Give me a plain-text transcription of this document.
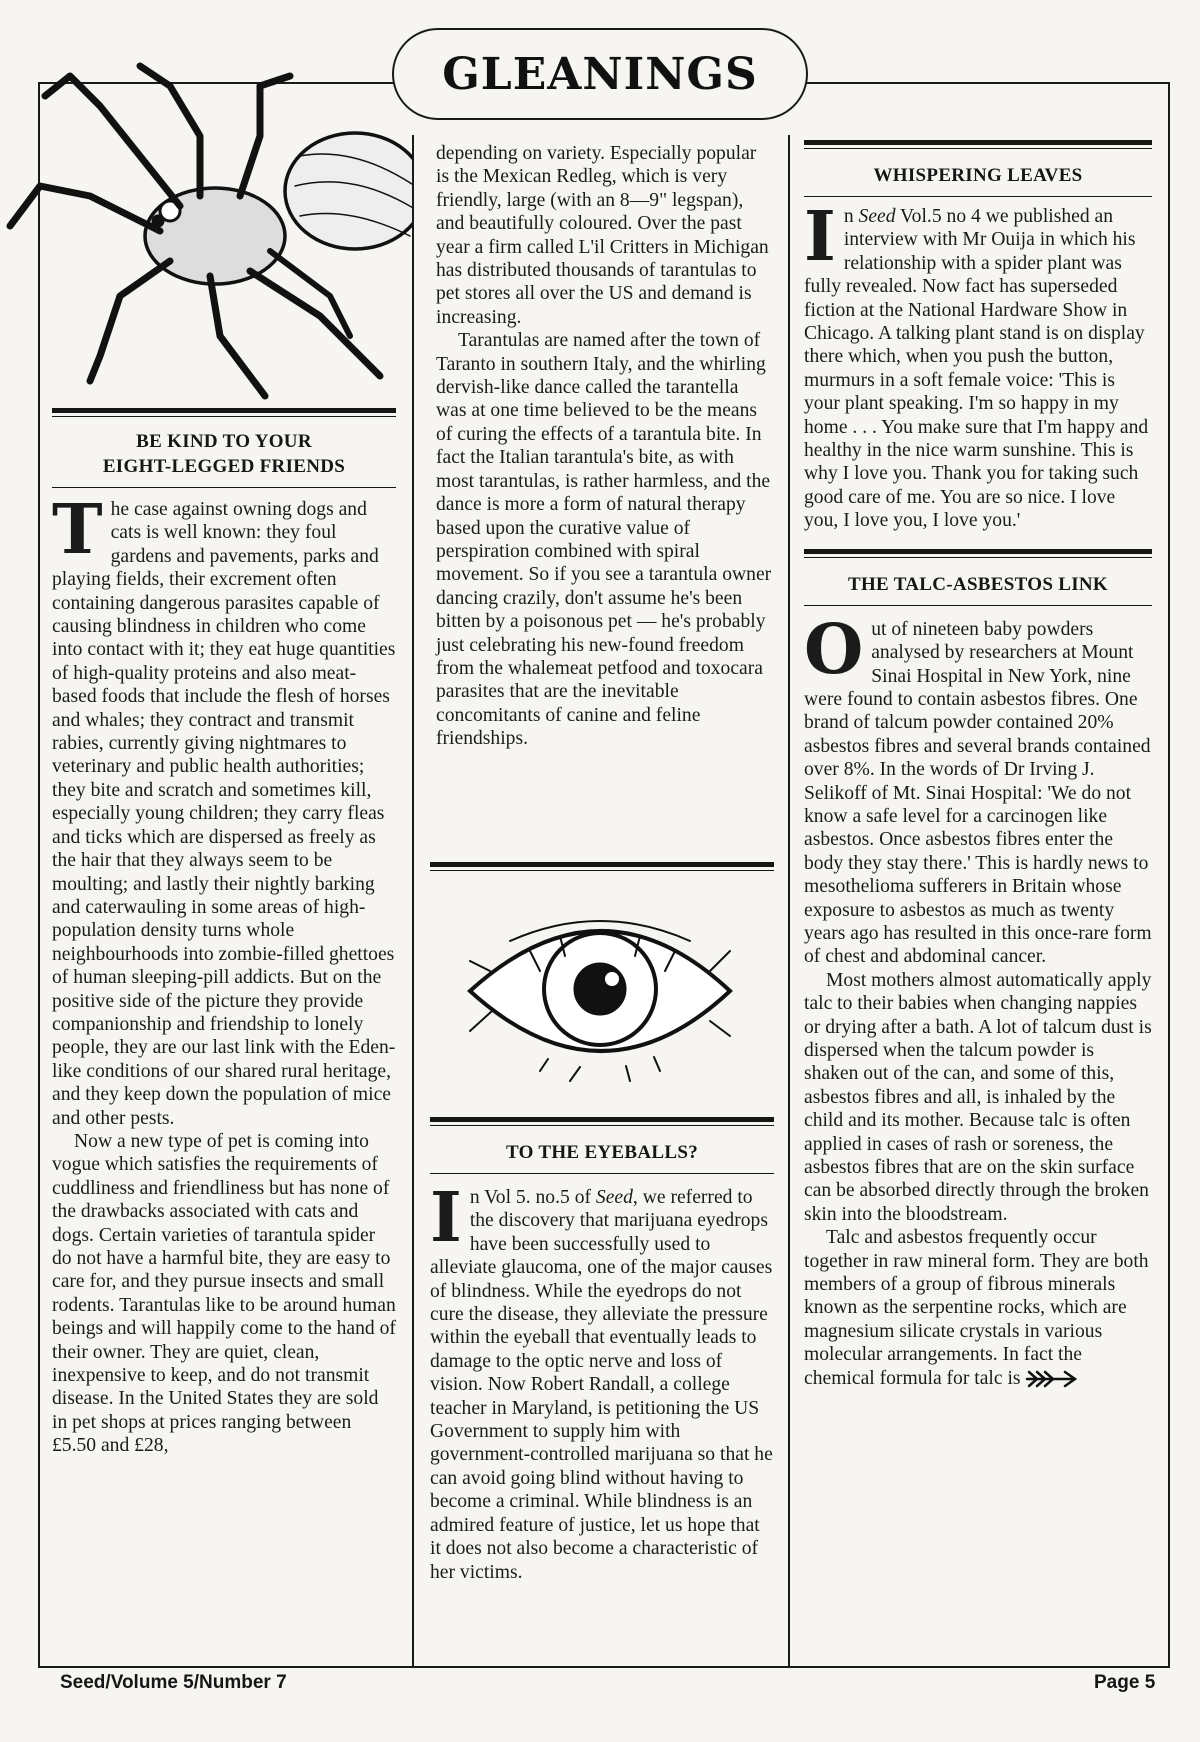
GLEANINGS
BE KIND TO YOUR
EIGHT-LEGGED FRIENDS

The case against owning dogs and cats is well known: they foul gardens and pavements, parks and playing fields, their excrement often containing dangerous parasites capable of causing blindness in children who come into contact with it; they eat huge quantities of high-quality proteins and also meat-based foods that include the flesh of horses and whales; they contract and transmit rabies, currently giving nightmares to veterinary and public health authorities; they bite and scratch and sometimes kill, especially young children; they carry fleas and ticks which are dispersed as freely as the hair that they always seem to be moulting; and lastly their nightly barking and caterwauling in some areas of high-population density turns whole neighbourhoods into zombie-filled ghettoes of human sleeping-pill addicts. But on the positive side of the picture they provide companionship and friendship to lonely people, they are our last link with the Eden-like conditions of our shared rural heritage, and they keep down the population of mice and other pests.

Now a new type of pet is coming into vogue which satisfies the requirements of cuddliness and friendliness but has none of the drawbacks associated with cats and dogs. Certain varieties of tarantula spider do not have a harmful bite, they are easy to care for, and they pursue insects and small rodents. Tarantulas like to be around human beings and will happily come to the hand of their owner. They are quiet, clean, inexpensive to keep, and do not transmit disease. In the United States they are sold in pet shops at prices ranging between £5.50 and £28,

depending on variety. Especially popular is the Mexican Redleg, which is very friendly, large (with an 8—9" legspan), and beautifully coloured. Over the past year a firm called L'il Critters in Michigan has distributed thousands of tarantulas to pet stores all over the US and demand is increasing.

Tarantulas are named after the town of Taranto in southern Italy, and the whirling dervish-like dance called the tarantella was at one time believed to be the means of curing the effects of a tarantula bite. In fact the Italian tarantula's bite, as with most tarantulas, is rather harmless, and the dance is more a form of natural therapy based upon the curative value of perspiration combined with spiral movement. So if you see a tarantula owner dancing crazily, don't assume he's been bitten by a poisonous pet — he's probably just celebrating his new-found freedom from the whalemeat petfood and toxocara parasites that are the inevitable concomitants of canine and feline friendships.

TO THE EYEBALLS?

In Vol 5. no.5 of Seed, we referred to the discovery that marijuana eyedrops have been successfully used to alleviate glaucoma, one of the major causes of blindness. While the eyedrops do not cure the disease, they alleviate the pressure within the eyeball that eventually leads to damage to the optic nerve and loss of vision. Now Robert Randall, a college teacher in Maryland, is petitioning the US Government to supply him with government-controlled marijuana so that he can avoid going blind without having to become a criminal. While blindness is an admired feature of justice, let us hope that it does not also become a characteristic of her victims.

WHISPERING LEAVES

In Seed Vol.5 no 4 we published an interview with Mr Ouija in which his relationship with a spider plant was fully revealed. Now fact has superseded fiction at the National Hardware Show in Chicago. A talking plant stand is on display there which, when you push the button, murmurs in a soft female voice: 'This is your plant speaking. I'm so happy in my home . . . You make sure that I'm happy and healthy in the nice warm sunshine. This is why I love you. Thank you for taking such good care of me. You are so nice. I love you, I love you, I love you.'

THE TALC-ASBESTOS LINK

Out of nineteen baby powders analysed by researchers at Mount Sinai Hospital in New York, nine were found to contain asbestos fibres. One brand of talcum powder contained 20% asbestos fibres and several brands contained over 8%. In the words of Dr Irving J. Selikoff of Mt. Sinai Hospital: 'We do not know a safe level for a carcinogen like asbestos. Once asbestos fibres enter the body they stay there.' This is hardly news to mesothelioma sufferers in Britain whose exposure to asbestos as much as twenty years ago has resulted in this once-rare form of chest and abdominal cancer.

Most mothers almost automatically apply talc to their babies when changing nappies or drying after a bath. A lot of talcum dust is dispersed when the talcum powder is shaken out of the can, and some of this, asbestos fibres and all, is inhaled by the child and its mother. Because talc is often applied in cases of rash or soreness, the asbestos fibres that are on the skin surface can be absorbed directly through the broken skin into the bloodstream.

Talc and asbestos frequently occur together in raw mineral form. They are both members of a group of fibrous minerals known as the serpentine rocks, which are magnesium silicate crystals in various molecular arrangements. In fact the chemical formula for talc is

Seed/Volume 5/Number 7	Page 5
